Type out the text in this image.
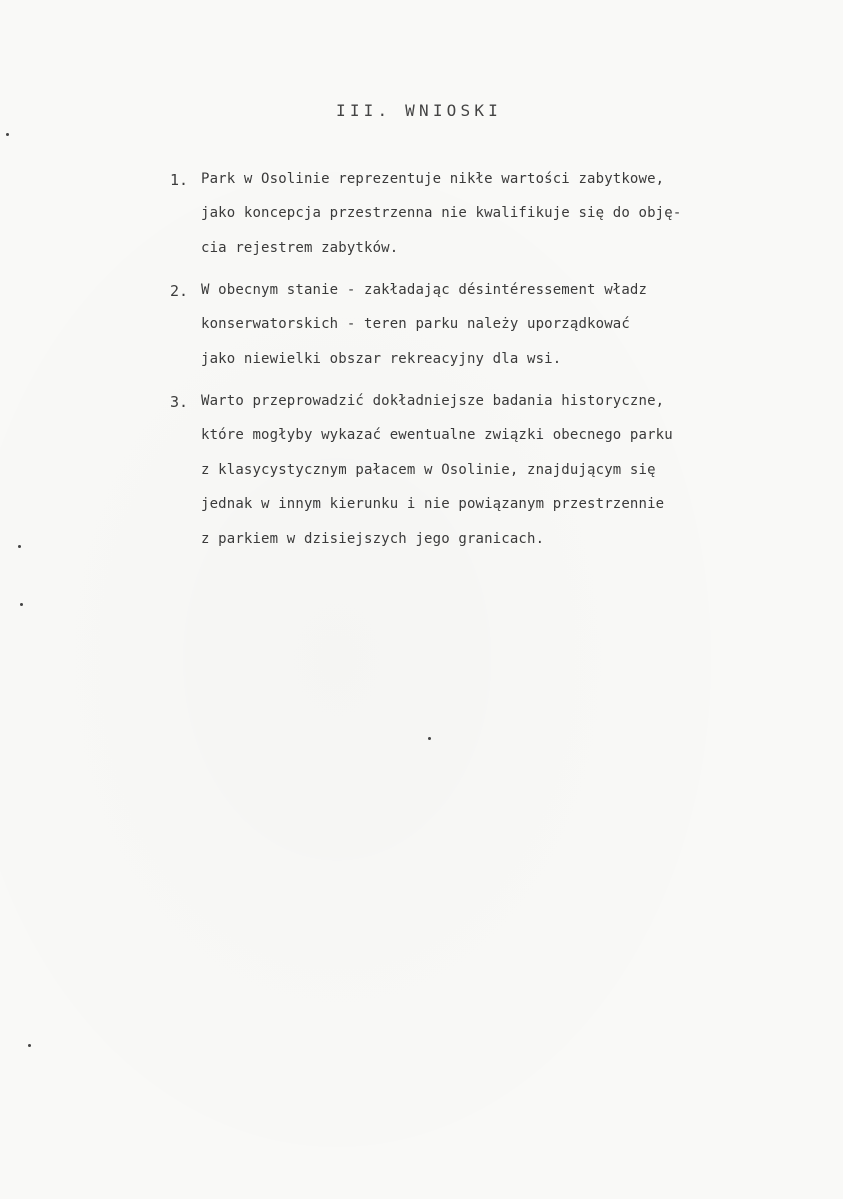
III. WNIOSKI
1. Park w Osolinie reprezentuje nikłe wartości zabytkowe,
jako koncepcja przestrzenna nie kwalifikuje się do obję-
cia rejestrem zabytków.
2. W obecnym stanie - zakładając désintéressement władz
konserwatorskich - teren parku należy uporządkować
jako niewielki obszar rekreacyjny dla wsi.
3. Warto przeprowadzić dokładniejsze badania historyczne,
które mogłyby wykazać ewentualne związki obecnego parku
z klasycystycznym pałacem w Osolinie, znajdującym się
jednak w innym kierunku i nie powiązanym przestrzennie
z parkiem w dzisiejszych jego granicach.
